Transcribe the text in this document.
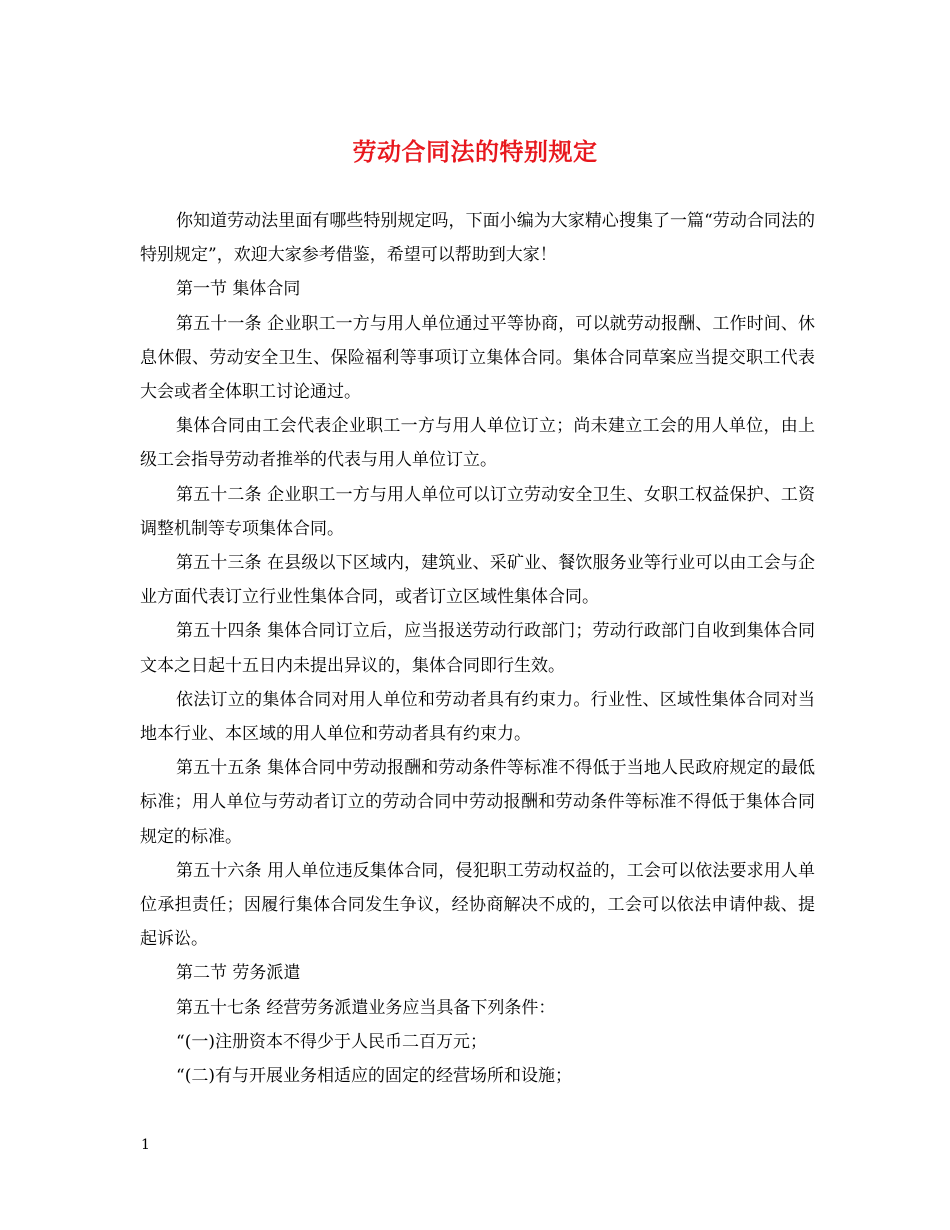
劳动合同法的特别规定

你知道劳动法里面有哪些特别规定吗，下面小编为大家精心搜集了一篇“劳动合同法的特别规定”，欢迎大家参考借鉴，希望可以帮助到大家！

第一节 集体合同

第五十一条 企业职工一方与用人单位通过平等协商，可以就劳动报酬、工作时间、休息休假、劳动安全卫生、保险福利等事项订立集体合同。集体合同草案应当提交职工代表大会或者全体职工讨论通过。

集体合同由工会代表企业职工一方与用人单位订立；尚未建立工会的用人单位，由上级工会指导劳动者推举的代表与用人单位订立。

第五十二条 企业职工一方与用人单位可以订立劳动安全卫生、女职工权益保护、工资调整机制等专项集体合同。

第五十三条 在县级以下区域内，建筑业、采矿业、餐饮服务业等行业可以由工会与企业方面代表订立行业性集体合同，或者订立区域性集体合同。

第五十四条 集体合同订立后，应当报送劳动行政部门；劳动行政部门自收到集体合同文本之日起十五日内未提出异议的，集体合同即行生效。

依法订立的集体合同对用人单位和劳动者具有约束力。行业性、区域性集体合同对当地本行业、本区域的用人单位和劳动者具有约束力。

第五十五条 集体合同中劳动报酬和劳动条件等标准不得低于当地人民政府规定的最低标准；用人单位与劳动者订立的劳动合同中劳动报酬和劳动条件等标准不得低于集体合同规定的标准。

第五十六条 用人单位违反集体合同，侵犯职工劳动权益的，工会可以依法要求用人单位承担责任；因履行集体合同发生争议，经协商解决不成的，工会可以依法申请仲裁、提起诉讼。

第二节 劳务派遣

第五十七条 经营劳务派遣业务应当具备下列条件：

“(一)注册资本不得少于人民币二百万元；

“(二)有与开展业务相适应的固定的经营场所和设施；

1
